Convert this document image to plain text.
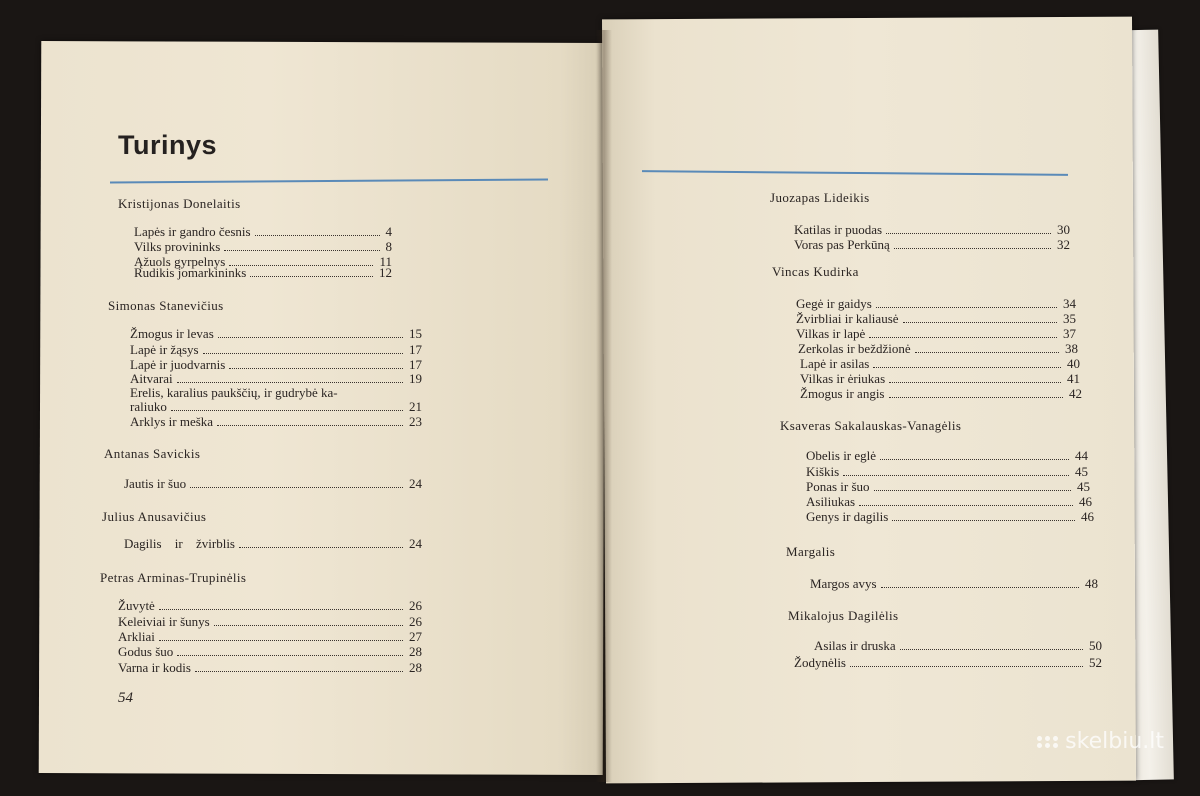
Turinys
Kristijonas Donelaitis
Lapės ir gandro česnis	4
Vilks provininks	8
Ąžuols gyrpelnys	11
Rudikis jomarkininks	12
Simonas Stanevičius
Žmogus ir levas	15
Lapė ir žąsys	17
Lapė ir juodvarnis	17
Aitvarai	19
Erelis, karalius paukščių, ir gudrybė ka-
raliuko	21
Arklys ir meška	23
Antanas Savickis
Jautis ir šuo	24
Julius Anusavičius
Dagilis ir žvirblis	24
Petras Arminas-Trupinėlis
Žuvytė	26
Keleiviai ir šunys	26
Arkliai	27
Godus šuo	28
Varna ir kodis	28
54
Juozapas Lideikis
Katilas ir puodas	30
Voras pas Perkūną	32
Vincas Kudirka
Gegė ir gaidys	34
Žvirbliai ir kaliausė	35
Vilkas ir lapė	37
Zerkolas ir beždžionė	38
Lapė ir asilas	40
Vilkas ir ėriukas	41
Žmogus ir angis	42
Ksaveras Sakalauskas-Vanagėlis
Obelis ir eglė	44
Kiškis	45
Ponas ir šuo	45
Asiliukas	46
Genys ir dagilis	46
Margalis
Margos avys	48
Mikalojus Dagilėlis
Asilas ir druska	50
Žodynėlis	52
skelbiu.lt
